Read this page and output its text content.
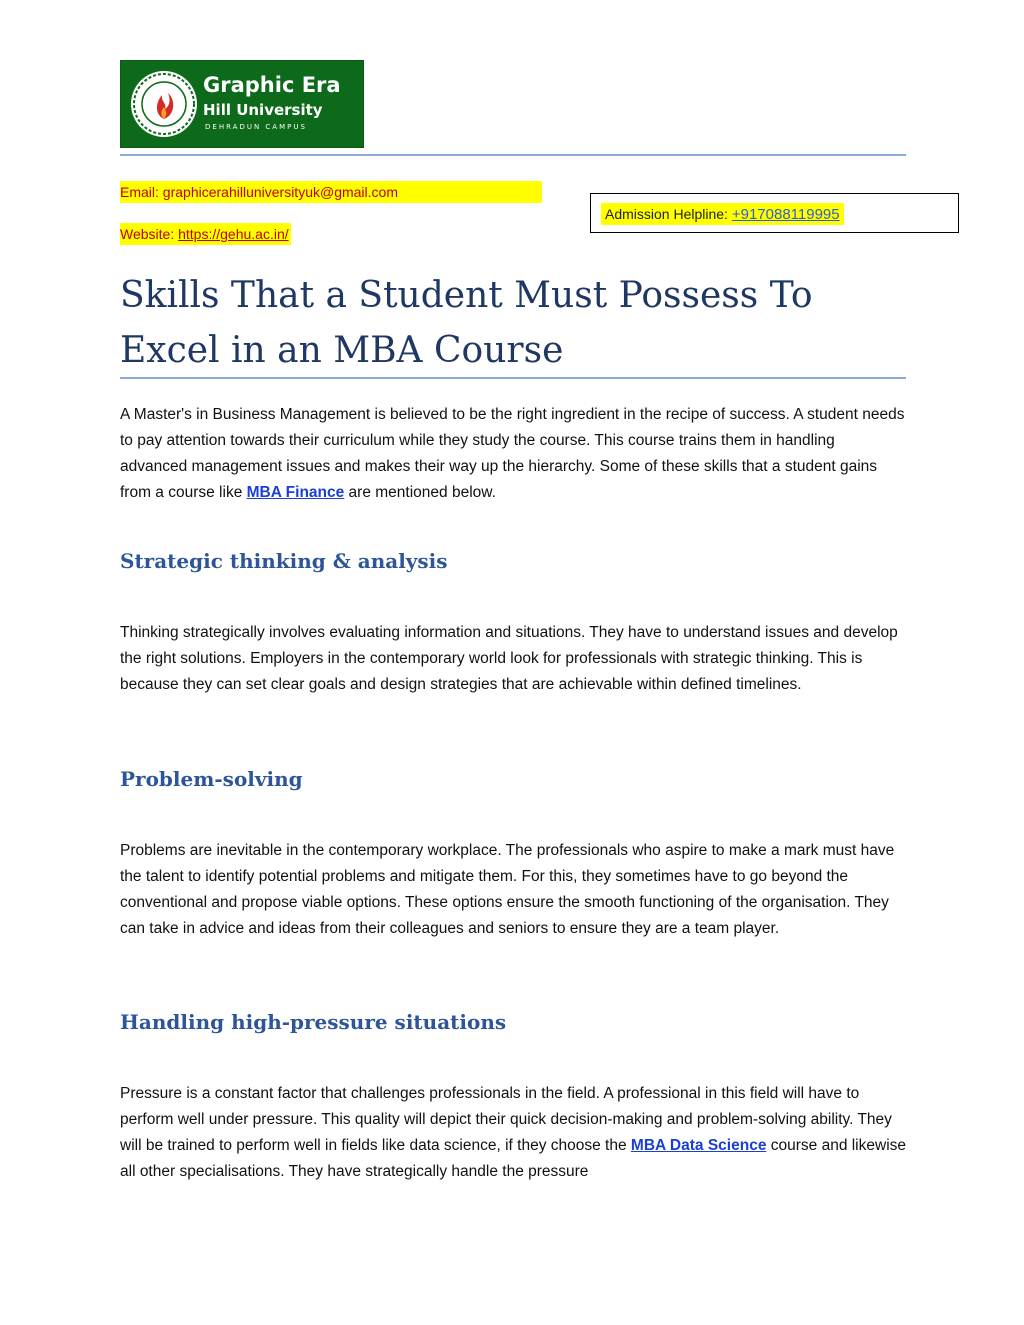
Graphic Era
Hill University
DEHRADUN CAMPUS
Email: graphicerahilluniversityuk@gmail.com
Website: https://gehu.ac.in/
Admission Helpline: +917088119995
Skills That a Student Must Possess To Excel in an MBA Course

A Master's in Business Management is believed to be the right ingredient in the recipe of success. A student needs to pay attention towards their curriculum while they study the course. This course trains them in handling advanced management issues and makes their way up the hierarchy. Some of these skills that a student gains from a course like MBA Finance are mentioned below.

Strategic thinking & analysis

Thinking strategically involves evaluating information and situations. They have to understand issues and develop the right solutions. Employers in the contemporary world look for professionals with strategic thinking. This is because they can set clear goals and design strategies that are achievable within defined timelines.

Problem-solving

Problems are inevitable in the contemporary workplace. The professionals who aspire to make a mark must have the talent to identify potential problems and mitigate them. For this, they sometimes have to go beyond the conventional and propose viable options. These options ensure the smooth functioning of the organisation. They can take in advice and ideas from their colleagues and seniors to ensure they are a team player.

Handling high-pressure situations

Pressure is a constant factor that challenges professionals in the field. A professional in this field will have to perform well under pressure. This quality will depict their quick decision-making and problem-solving ability. They will be trained to perform well in fields like data science, if they choose the MBA Data Science course and likewise all other specialisations. They have strategically handle the pressure
